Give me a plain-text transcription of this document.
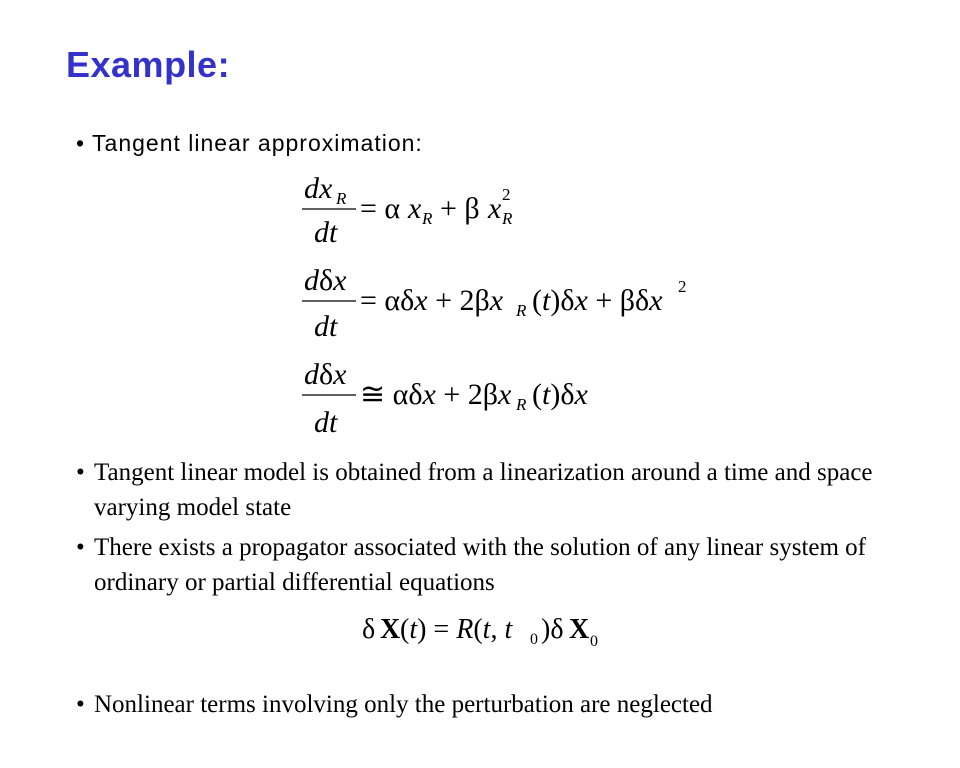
Example:
• Tangent linear approximation:
dx R
dt
= α x R + β x 2
R
dδx
dt
= αδx + 2βx R (t)δx + βδx 2
dδx
dt
≅ αδx + 2βx R (t)δx
• Tangent linear model is obtained from a linearization around a time and space varying model state
• There exists a propagator associated with the solution of any linear system of ordinary or partial differential equations
δ X (t) = R(t, t 0 )δ X 0
• Nonlinear terms involving only the perturbation are neglected
